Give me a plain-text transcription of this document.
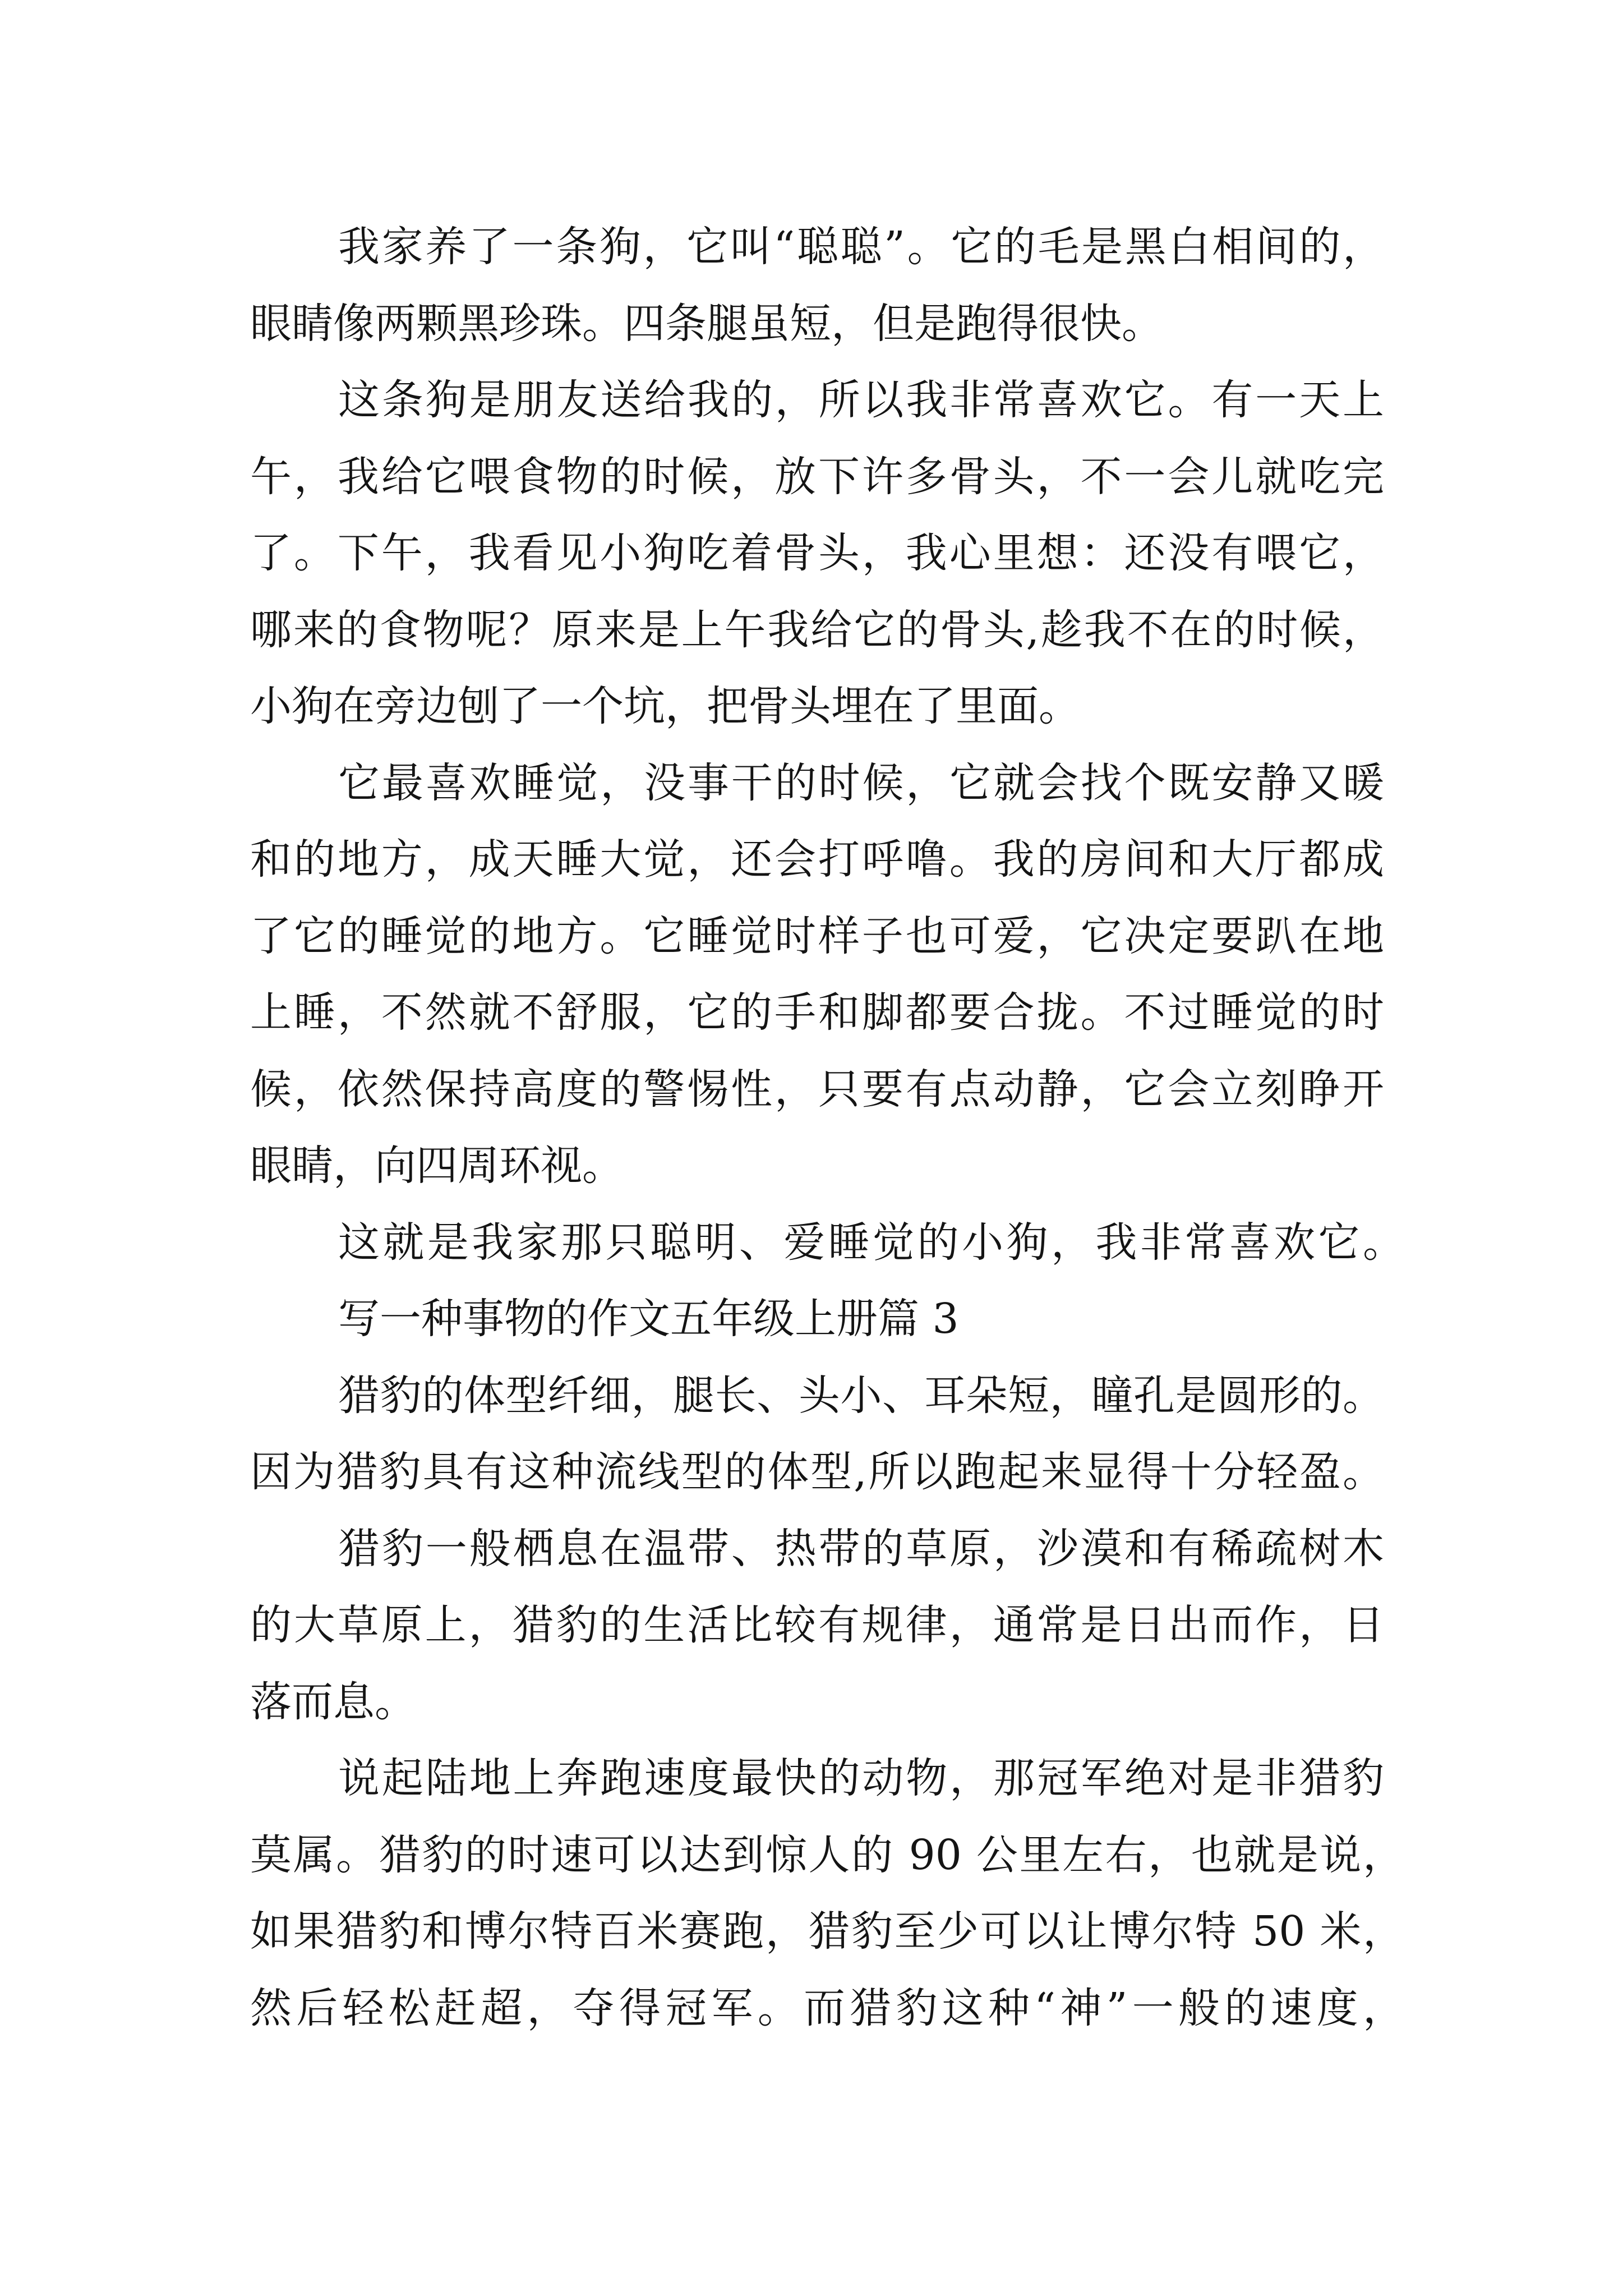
我家养了一条狗，它叫“聪聪”。它的毛是黑白相间的，
眼睛像两颗黑珍珠。四条腿虽短，但是跑得很快。
这条狗是朋友送给我的，所以我非常喜欢它。有一天上
午，我给它喂食物的时候，放下许多骨头，不一会儿就吃完
了。下午，我看见小狗吃着骨头，我心里想：还没有喂它，
哪来的食物呢？原来是上午我给它的骨头,趁我不在的时候，
小狗在旁边刨了一个坑，把骨头埋在了里面。
它最喜欢睡觉，没事干的时候，它就会找个既安静又暖
和的地方，成天睡大觉，还会打呼噜。我的房间和大厅都成
了它的睡觉的地方。它睡觉时样子也可爱，它决定要趴在地
上睡，不然就不舒服，它的手和脚都要合拢。不过睡觉的时
候，依然保持高度的警惕性，只要有点动静，它会立刻睁开
眼睛，向四周环视。
这就是我家那只聪明、爱睡觉的小狗，我非常喜欢它。
写一种事物的作文五年级上册篇 3
猎豹的体型纤细，腿长、头小、耳朵短，瞳孔是圆形的。
因为猎豹具有这种流线型的体型,所以跑起来显得十分轻盈。
猎豹一般栖息在温带、热带的草原，沙漠和有稀疏树木
的大草原上，猎豹的生活比较有规律，通常是日出而作，日
落而息。
说起陆地上奔跑速度最快的动物，那冠军绝对是非猎豹
莫属。猎豹的时速可以达到惊人的 90 公里左右，也就是说，
如果猎豹和博尔特百米赛跑，猎豹至少可以让博尔特 50 米，
然后轻松赶超，夺得冠军。而猎豹这种“神”一般的速度，
